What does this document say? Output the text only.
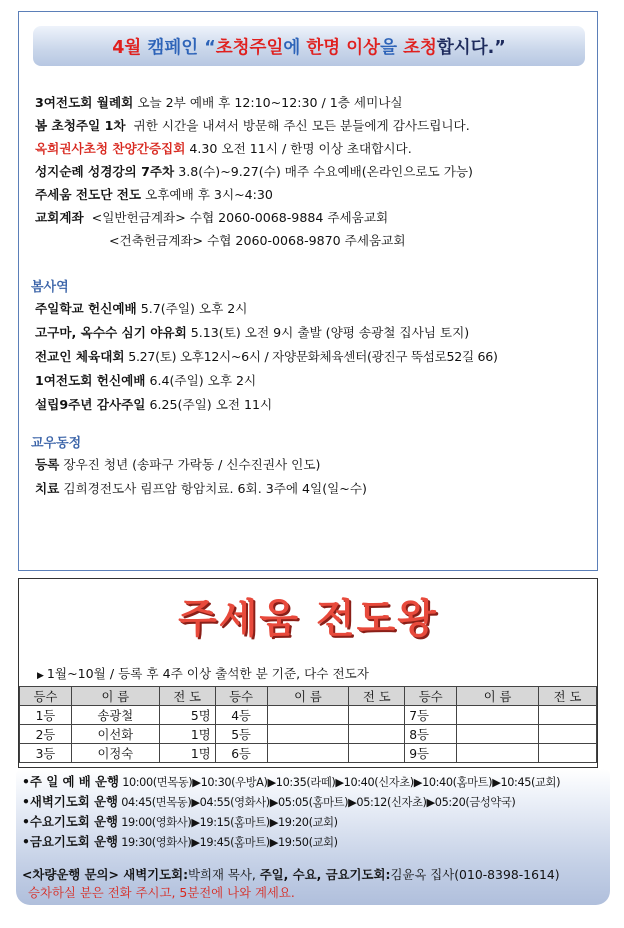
4월 캠페인 “ 초청주일 에 한명 이상 을 초청 합시다.”
3여전도회 월례회 오늘 2부 예배 후 12:10~12:30 / 1층 세미나실
봄 초청주일 1차  귀한 시간을 내셔서 방문해 주신 모든 분들에게 감사드립니다.
옥희권사초청 찬양간증집회 4.30 오전 11시 / 한명 이상 초대합시다.
성지순례 성경강의 7주차 3.8(수)~9.27(수) 매주 수요예배(온라인으로도 가능)
주세움 전도단 전도 오후예배 후 3시~4:30
교회계좌  <일반헌금계좌> 수협 2060-0068-9884 주세움교회
<건축헌금계좌> 수협 2060-0068-9870 주세움교회
봄사역
주일학교 헌신예배 5.7(주일) 오후 2시
고구마, 옥수수 심기 야유회 5.13(토) 오전 9시 출발 (양평 송광철 집사님 토지)
전교인 체육대회 5.27(토) 오후12시~6시 / 자양문화체육센터(광진구 뚝섬로52길 66)
1여전도회 헌신예배 6.4(주일) 오후 2시
설립9주년 감사주일 6.25(주일) 오전 11시
교우동정
등록 장우진 청년 (송파구 가락동 / 신수진권사 인도)
치료 김희경전도사 림프암 항암치료. 6회. 3주에 4일(일~수)
주세움 전도왕
▶ 1월~10월 / 등록 후 4주 이상 출석한 분 기준, 다수 전도자
등수	이 름	전 도	등수	이 름	전 도	등수	이 름	전 도
1등	송광철	5명	4등			7등		
2등	이선화	1명	5등			8등		
3등	이정숙	1명	6등			9등		
•주 일 예 배 운행 10:00(면목동)▶10:30(우방A)▶10:35(라떼)▶10:40(신자초)▶10:40(홈마트)▶10:45(교회)
•새벽기도회 운행 04:45(면목동)▶04:55(영화사)▶05:05(홈마트)▶05:12(신자초)▶05:20(금성약국)
•수요기도회 운행 19:00(영화사)▶19:15(홈마트)▶19:20(교회)
•금요기도회 운행 19:30(영화사)▶19:45(홈마트)▶19:50(교회)
<차량운행 문의> 새벽기도회:박희재 목사, 주일, 수요, 금요기도회:김윤옥 집사(010-8398-1614)
승차하실 분은 전화 주시고, 5분전에 나와 계세요.
